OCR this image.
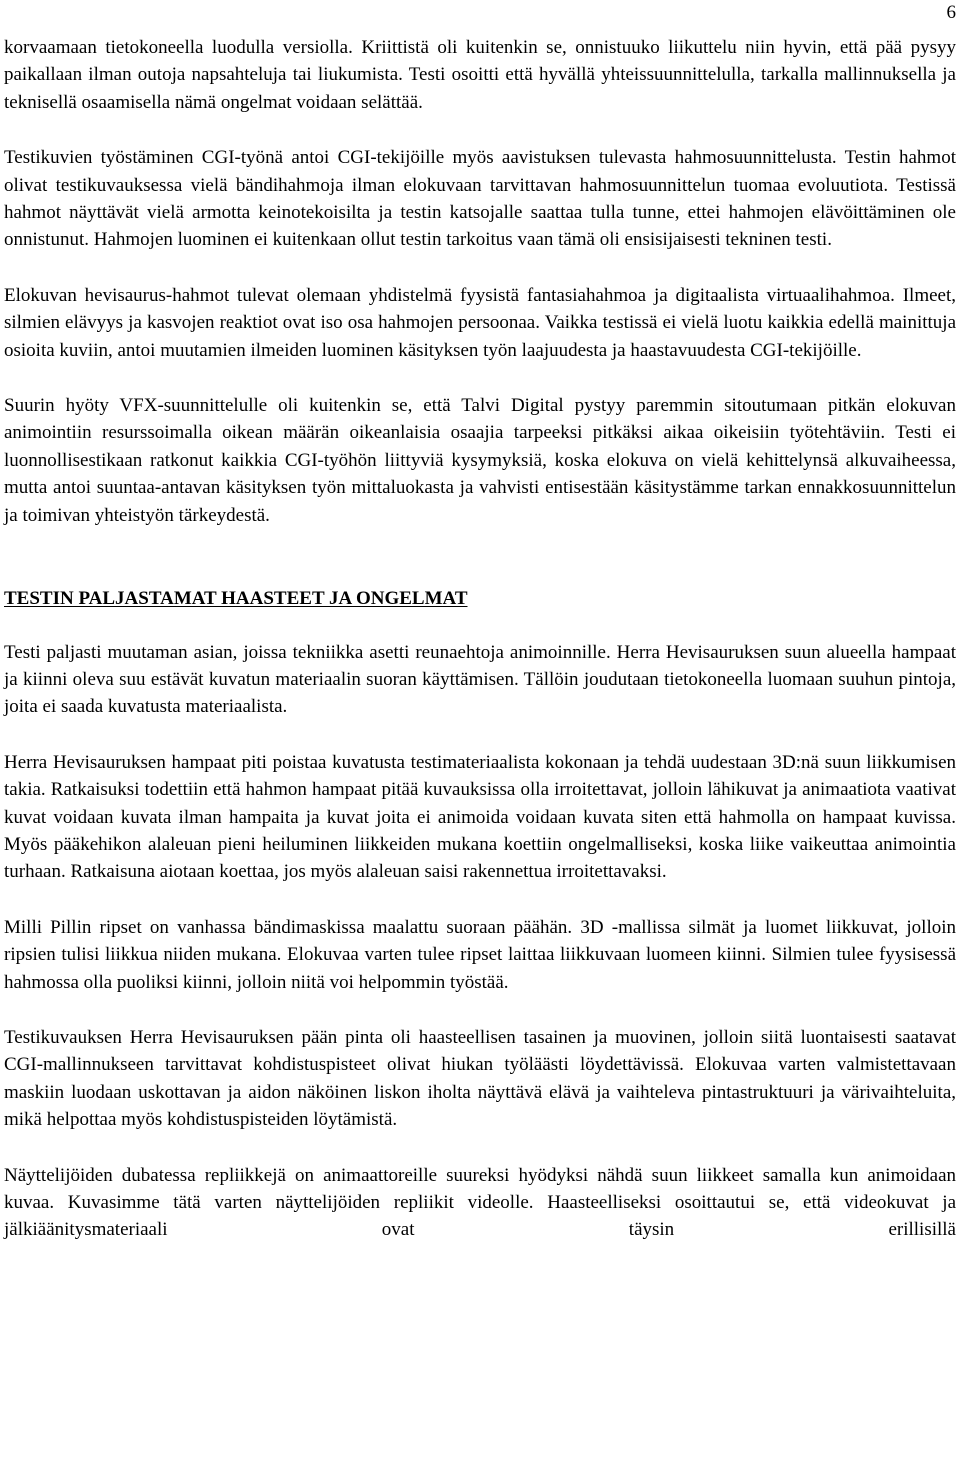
6

korvaamaan tietokoneella luodulla versiolla. Kriittistä oli kuitenkin se, onnistuuko liikuttelu niin hyvin, että pää pysyy paikallaan ilman outoja napsahteluja tai liukumista. Testi osoitti että hyvällä yhteissuunnittelulla, tarkalla mallinnuksella ja teknisellä osaamisella nämä ongelmat voidaan selättää.

Testikuvien työstäminen CGI-työnä antoi CGI-tekijöille myös aavistuksen tulevasta hahmosuunnittelusta. Testin hahmot olivat testikuvauksessa vielä bändihahmoja ilman elokuvaan tarvittavan hahmosuunnittelun tuomaa evoluutiota. Testissä hahmot näyttävät vielä armotta keinotekoisilta ja testin katsojalle saattaa tulla tunne, ettei hahmojen elävöittäminen ole onnistunut. Hahmojen luominen ei kuitenkaan ollut testin tarkoitus vaan tämä oli ensisijaisesti tekninen testi.

Elokuvan hevisaurus-hahmot tulevat olemaan yhdistelmä fyysistä fantasiahahmoa ja digitaalista virtuaalihahmoa. Ilmeet, silmien elävyys ja kasvojen reaktiot ovat iso osa hahmojen persoonaa. Vaikka testissä ei vielä luotu kaikkia edellä mainittuja osioita kuviin, antoi muutamien ilmeiden luominen käsityksen työn laajuudesta ja haastavuudesta CGI-tekijöille.

Suurin hyöty VFX-suunnittelulle oli kuitenkin se, että Talvi Digital pystyy paremmin sitoutumaan pitkän elokuvan animointiin resurssoimalla oikean määrän oikeanlaisia osaajia tarpeeksi pitkäksi aikaa oikeisiin työtehtäviin. Testi ei luonnollisestikaan ratkonut kaikkia CGI-työhön liittyviä kysymyksiä, koska elokuva on vielä kehittelynsä alkuvaiheessa, mutta antoi suuntaa-antavan käsityksen työn mittaluokasta ja vahvisti entisestään käsitystämme tarkan ennakkosuunnittelun ja toimivan yhteistyön tärkeydestä.

TESTIN PALJASTAMAT HAASTEET JA ONGELMAT

Testi paljasti muutaman asian, joissa tekniikka asetti reunaehtoja animoinnille. Herra Hevisauruksen suun alueella hampaat ja kiinni oleva suu estävät kuvatun materiaalin suoran käyttämisen. Tällöin joudutaan tietokoneella luomaan suuhun pintoja, joita ei saada kuvatusta materiaalista.

Herra Hevisauruksen hampaat piti poistaa kuvatusta testimateriaalista kokonaan ja tehdä uudestaan 3D:nä suun liikkumisen takia. Ratkaisuksi todettiin että hahmon hampaat pitää kuvauksissa olla irroitettavat, jolloin lähikuvat ja animaatiota vaativat kuvat voidaan kuvata ilman hampaita ja kuvat joita ei animoida voidaan kuvata siten että hahmolla on hampaat kuvissa. Myös pääkehikon alaleuan pieni heiluminen liikkeiden mukana koettiin ongelmalliseksi, koska liike vaikeuttaa animointia turhaan. Ratkaisuna aiotaan koettaa, jos myös alaleuan saisi rakennettua irroitettavaksi.

Milli Pillin ripset on vanhassa bändimaskissa maalattu suoraan päähän. 3D -mallissa silmät ja luomet liikkuvat, jolloin ripsien tulisi liikkua niiden mukana. Elokuvaa varten tulee ripset laittaa liikkuvaan luomeen kiinni. Silmien tulee fyysisessä hahmossa olla puoliksi kiinni, jolloin niitä voi helpommin työstää.

Testikuvauksen Herra Hevisauruksen pään pinta oli haasteellisen tasainen ja muovinen, jolloin siitä luontaisesti saatavat CGI-mallinnukseen tarvittavat kohdistuspisteet olivat hiukan työläästi löydettävissä. Elokuvaa varten valmistettavaan maskiin luodaan uskottavan ja aidon näköinen liskon iholta näyttävä elävä ja vaihteleva pintastruktuuri ja värivaihteluita, mikä helpottaa myös kohdistuspisteiden löytämistä.

Näyttelijöiden dubatessa repliikkejä on animaattoreille suureksi hyödyksi nähdä suun liikkeet samalla kun animoidaan kuvaa. Kuvasimme tätä varten näyttelijöiden repliikit videolle. Haasteelliseksi osoittautui se, että videokuvat ja jälkiäänitysmateriaali ovat täysin erillisillä
